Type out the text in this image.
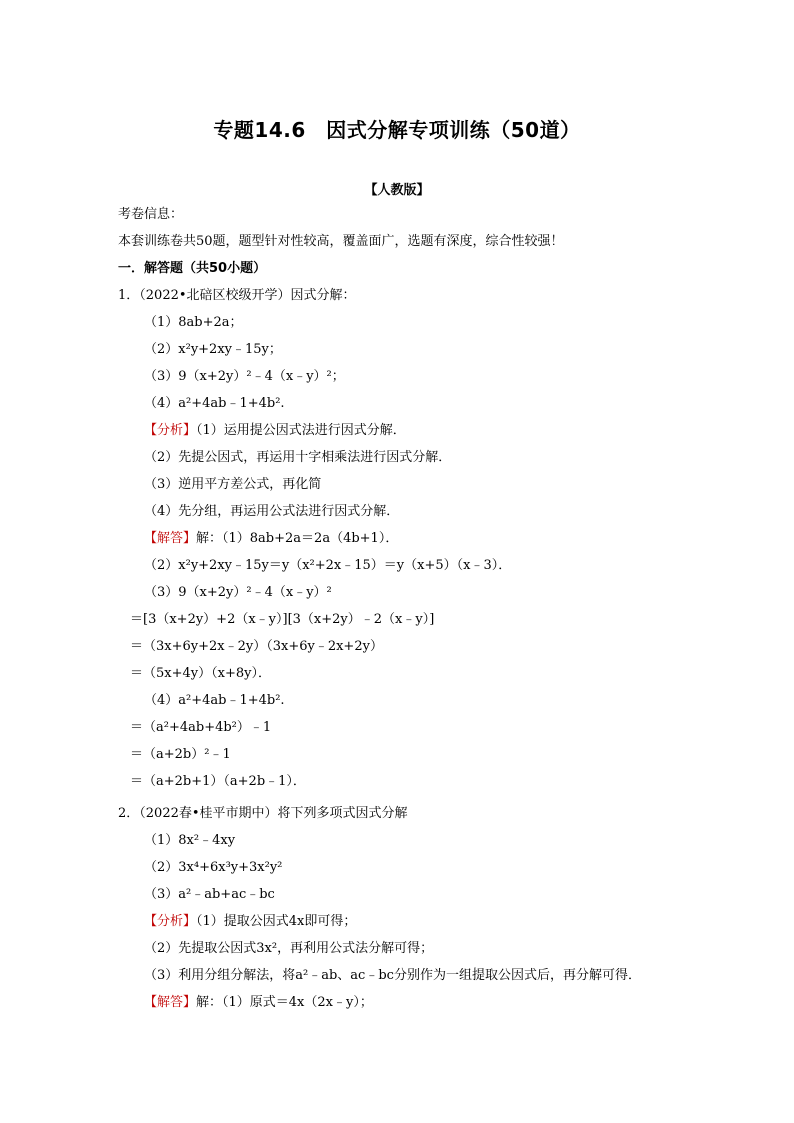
专题14.6　因式分解专项训练（50道）
【人教版】
考卷信息：
本套训练卷共50题，题型针对性较高，覆盖面广，选题有深度，综合性较强！
一．解答题（共50小题）
1．（2022•北碚区校级开学）因式分解：
（1）8ab+2a；
（2）x²y+2xy﹣15y；
（3）9（x+2y）²﹣4（x﹣y）²；
（4）a²+4ab﹣1+4b².
【分析】（1）运用提公因式法进行因式分解．
（2）先提公因式，再运用十字相乘法进行因式分解．
（3）逆用平方差公式，再化简
（4）先分组，再运用公式法进行因式分解．
【解答】解：（1）8ab+2a＝2a（4b+1）．
（2）x²y+2xy﹣15y＝y（x²+2x﹣15）＝y（x+5）（x﹣3）．
（3）9（x+2y）²﹣4（x﹣y）²
＝[3（x+2y）+2（x﹣y）][3（x+2y）﹣2（x﹣y）]
＝（3x+6y+2x﹣2y）（3x+6y﹣2x+2y）
＝（5x+4y）（x+8y）．
（4）a²+4ab﹣1+4b².
＝（a²+4ab+4b²）﹣1
＝（a+2b）²﹣1
＝（a+2b+1）（a+2b﹣1）．
2．（2022春•桂平市期中）将下列多项式因式分解
（1）8x²﹣4xy
（2）3x⁴+6x³y+3x²y²
（3）a²﹣ab+ac﹣bc
【分析】（1）提取公因式4x即可得；
（2）先提取公因式3x²，再利用公式法分解可得；
（3）利用分组分解法，将a²﹣ab、ac﹣bc分别作为一组提取公因式后，再分解可得．
【解答】解：（1）原式＝4x（2x﹣y）；
